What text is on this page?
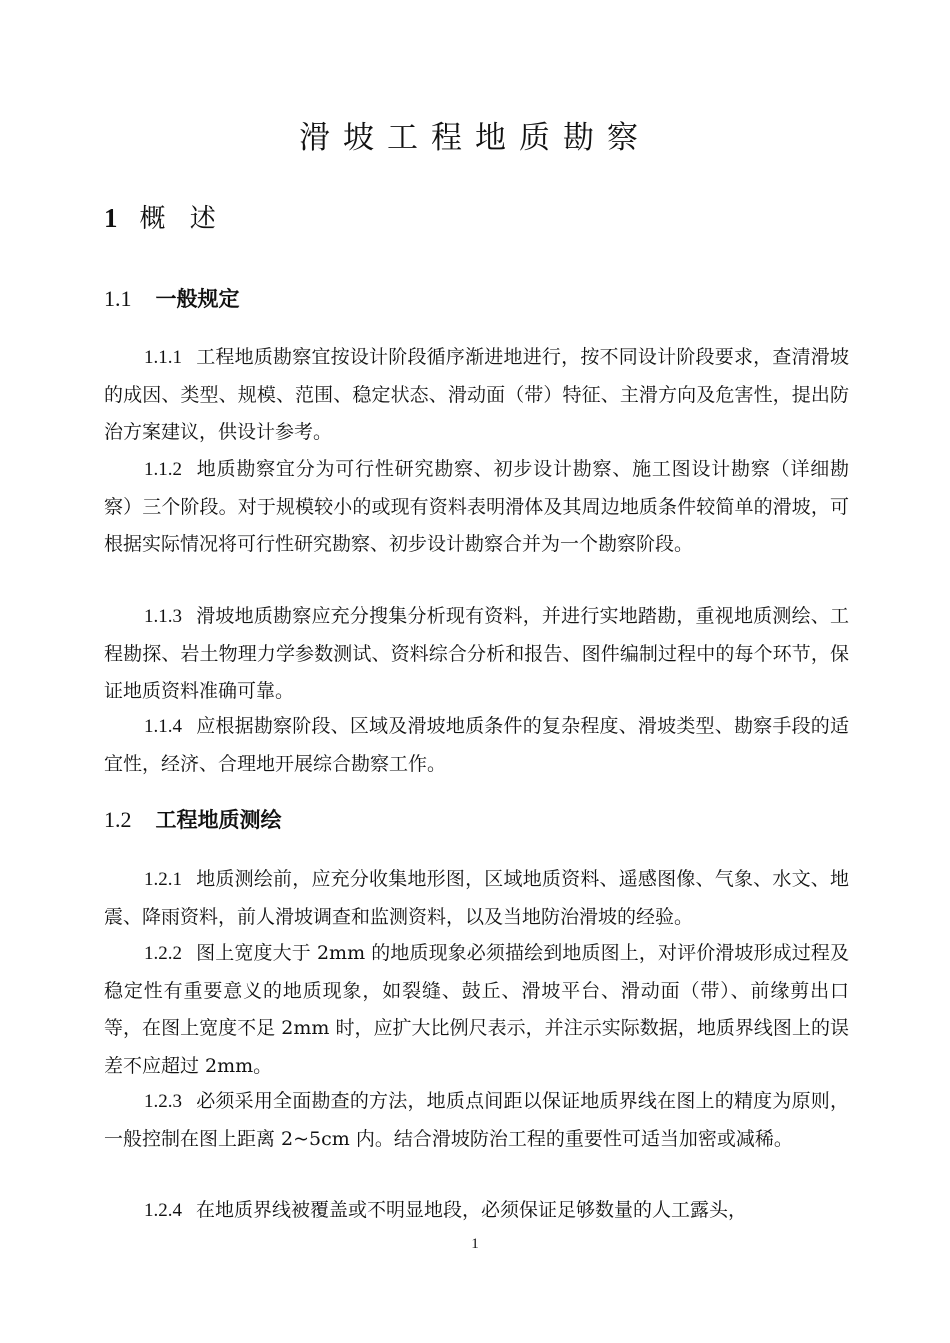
滑坡工程地质勘察
1 概 述
1.1 一般规定
1.1.1 工程地质勘察宜按设计阶段循序渐进地进行，按不同设计阶段要求，查清滑坡的成因、类型、规模、范围、稳定状态、滑动面（带）特征、主滑方向及危害性，提出防治方案建议，供设计参考。
1.1.2 地质勘察宜分为可行性研究勘察、初步设计勘察、施工图设计勘察（详细勘察）三个阶段。对于规模较小的或现有资料表明滑体及其周边地质条件较简单的滑坡，可根据实际情况将可行性研究勘察、初步设计勘察合并为一个勘察阶段。
1.1.3 滑坡地质勘察应充分搜集分析现有资料，并进行实地踏勘，重视地质测绘、工程勘探、岩土物理力学参数测试、资料综合分析和报告、图件编制过程中的每个环节，保证地质资料准确可靠。
1.1.4 应根据勘察阶段、区域及滑坡地质条件的复杂程度、滑坡类型、勘察手段的适宜性，经济、合理地开展综合勘察工作。
1.2 工程地质测绘
1.2.1 地质测绘前，应充分收集地形图，区域地质资料、遥感图像、气象、水文、地震、降雨资料，前人滑坡调查和监测资料，以及当地防治滑坡的经验。
1.2.2 图上宽度大于 2mm 的地质现象必须描绘到地质图上，对评价滑坡形成过程及稳定性有重要意义的地质现象，如裂缝、鼓丘、滑坡平台、滑动面（带）、前缘剪出口等，在图上宽度不足 2mm 时，应扩大比例尺表示，并注示实际数据，地质界线图上的误差不应超过 2mm。
1.2.3 必须采用全面勘查的方法，地质点间距以保证地质界线在图上的精度为原则，一般控制在图上距离 2~5cm 内。结合滑坡防治工程的重要性可适当加密或减稀。
1.2.4 在地质界线被覆盖或不明显地段，必须保证足够数量的人工露头，
1
